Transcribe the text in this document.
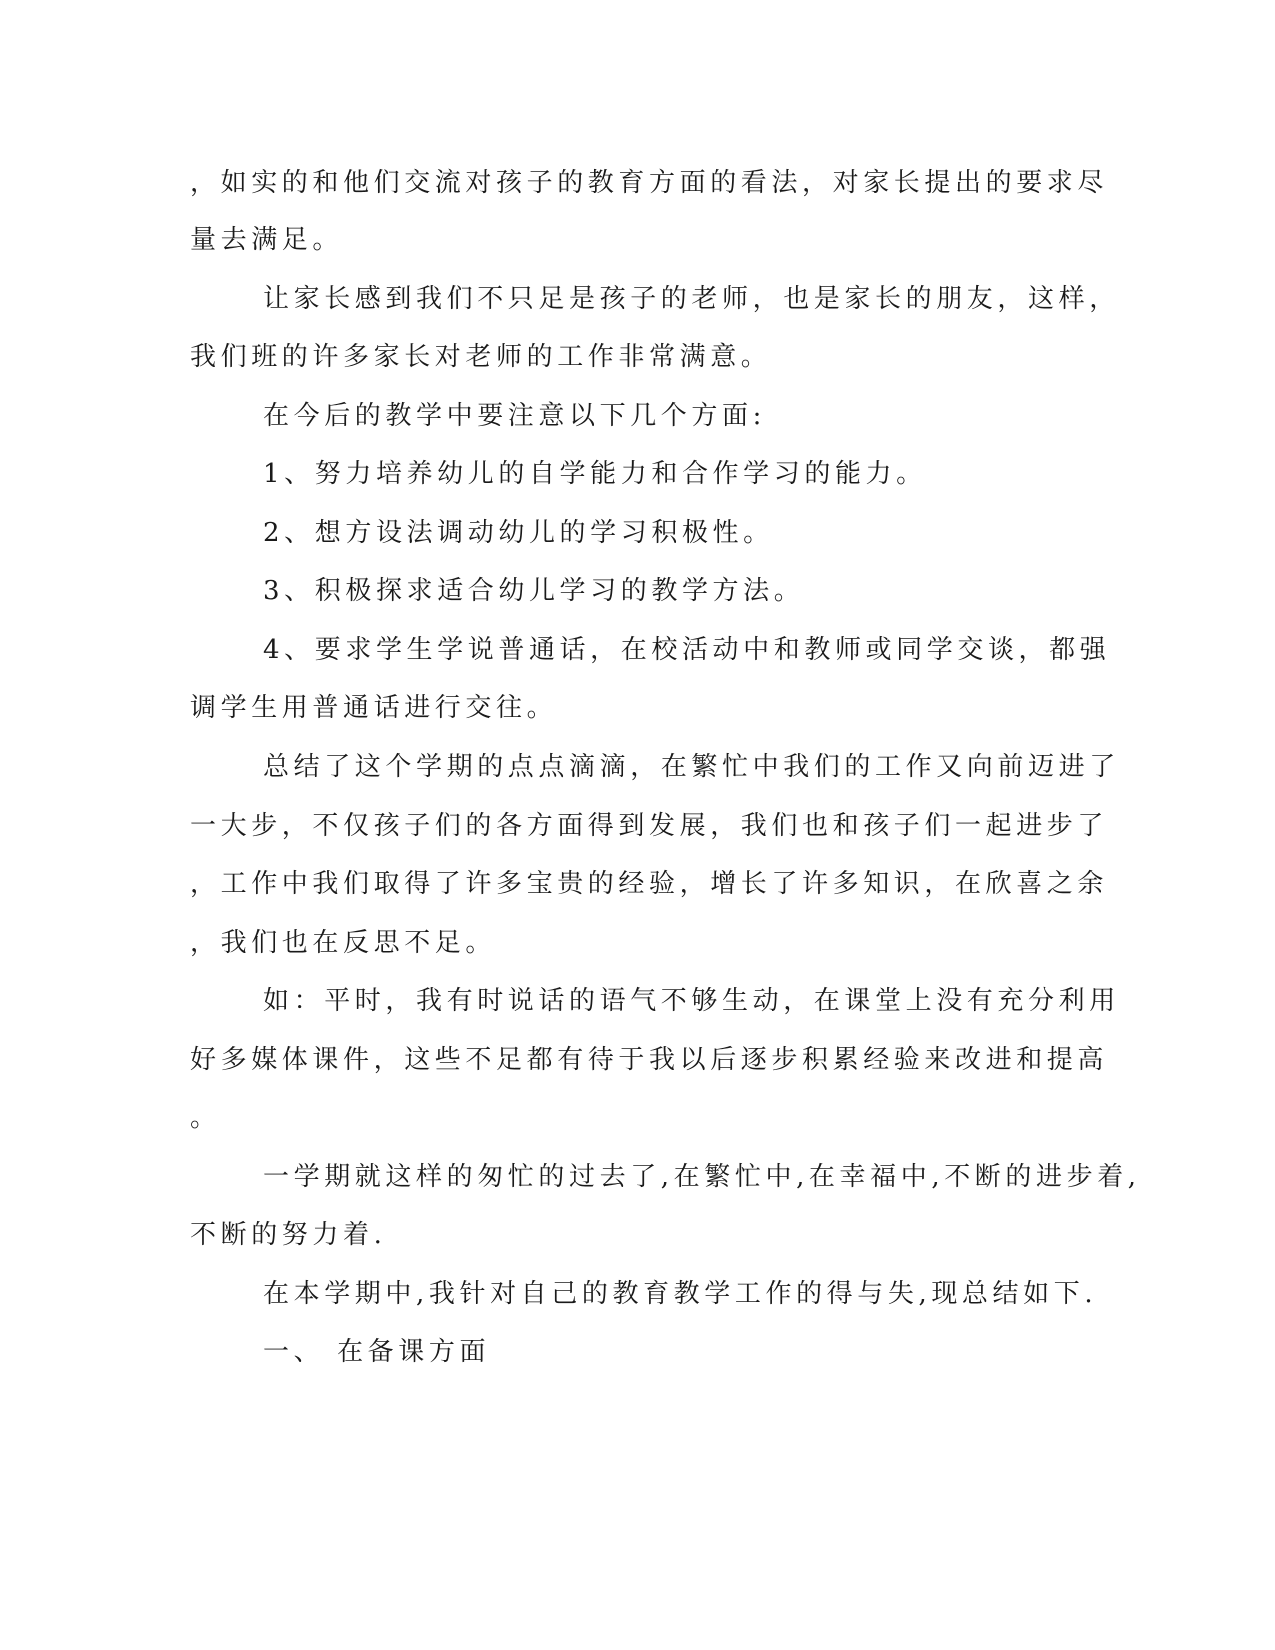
，如实的和他们交流对孩子的教育方面的看法，对家长提出的要求尽
量去满足。
让家长感到我们不只足是孩子的老师，也是家长的朋友，这样，
我们班的许多家长对老师的工作非常满意。
在今后的教学中要注意以下几个方面:
1、努力培养幼儿的自学能力和合作学习的能力。
2、想方设法调动幼儿的学习积极性。
3、积极探求适合幼儿学习的教学方法。
4、要求学生学说普通话，在校活动中和教师或同学交谈，都强
调学生用普通话进行交往。
总结了这个学期的点点滴滴，在繁忙中我们的工作又向前迈进了
一大步，不仅孩子们的各方面得到发展，我们也和孩子们一起进步了
，工作中我们取得了许多宝贵的经验，增长了许多知识，在欣喜之余
，我们也在反思不足。
如：平时，我有时说话的语气不够生动，在课堂上没有充分利用
好多媒体课件，这些不足都有待于我以后逐步积累经验来改进和提高
。
一学期就这样的匆忙的过去了,在繁忙中,在幸福中,不断的进步着,
不断的努力着.
在本学期中,我针对自己的教育教学工作的得与失,现总结如下.
一、 在备课方面
